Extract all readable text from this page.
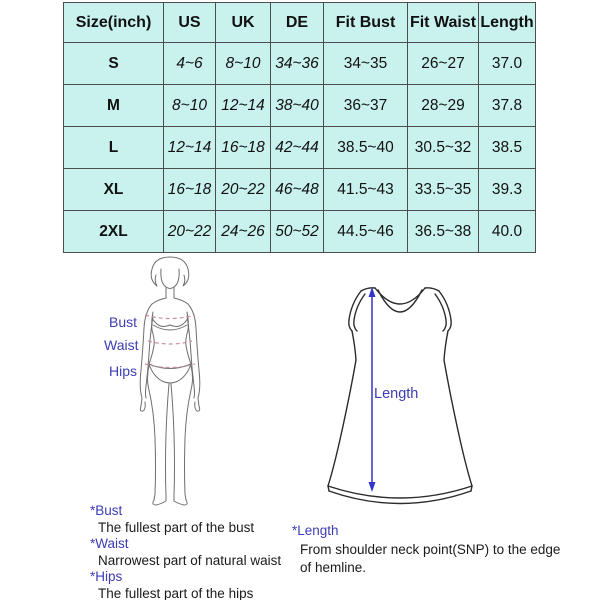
Size(inch)	US	UK	DE	Fit Bust	Fit Waist	Length
S	4~6	8~10	34~36	34~35	26~27	37.0
M	8~10	12~14	38~40	36~37	28~29	37.8
L	12~14	16~18	42~44	38.5~40	30.5~32	38.5
XL	16~18	20~22	46~48	41.5~43	33.5~35	39.3
2XL	20~22	24~26	50~52	44.5~46	36.5~38	40.0
Bust
Waist
Hips
Length
*Bust
The fullest part of the bust
*Waist
Narrowest part of natural waist
*Hips
The fullest part of the hips
*Length
From shoulder neck point(SNP) to the edge
of hemline.
